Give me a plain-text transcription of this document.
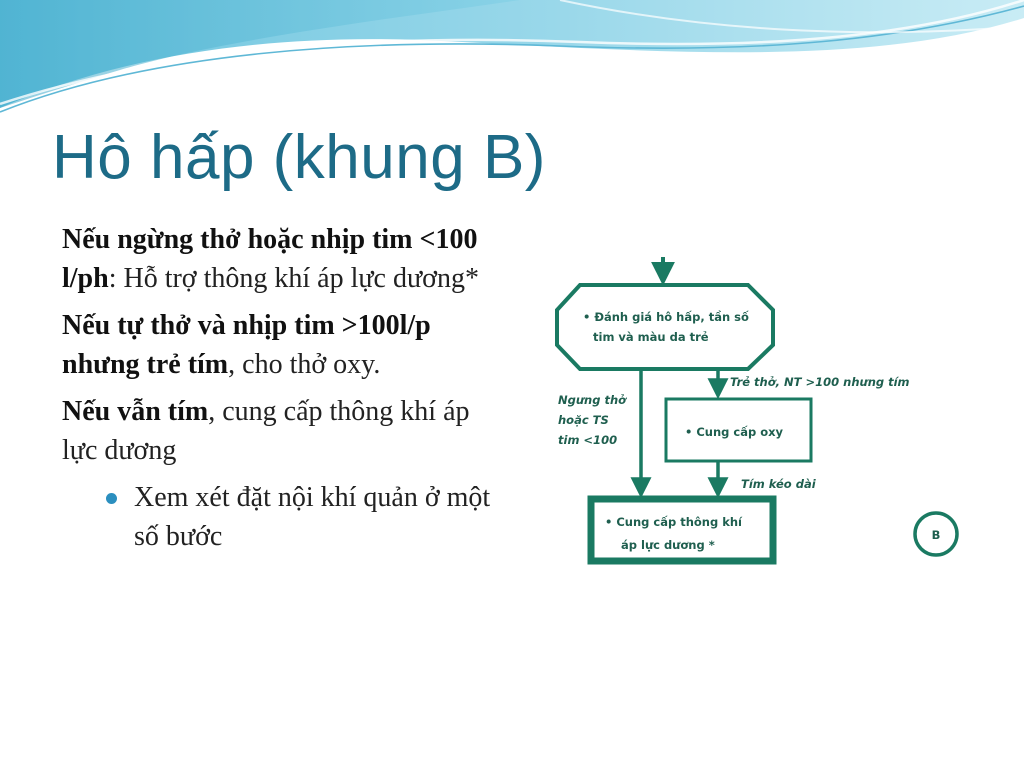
Hô hấp (khung B)

Nếu ngừng thở hoặc nhịp tim <100 l/ph: Hỗ trợ thông khí áp lực dương*

Nếu tự thở và nhịp tim >100l/p nhưng trẻ tím, cho thở oxy.

Nếu vẫn tím, cung cấp thông khí áp lực dương

Xem xét đặt nội khí quản ở một số bước
• Đánh giá hô hấp, tần số
tim và màu da trẻ
Trẻ thở, NT >100 nhưng tím
Ngưng thở
hoặc TS
tim <100
• Cung cấp oxy
Tím kéo dài
• Cung cấp thông khí
áp lực dương *
B
